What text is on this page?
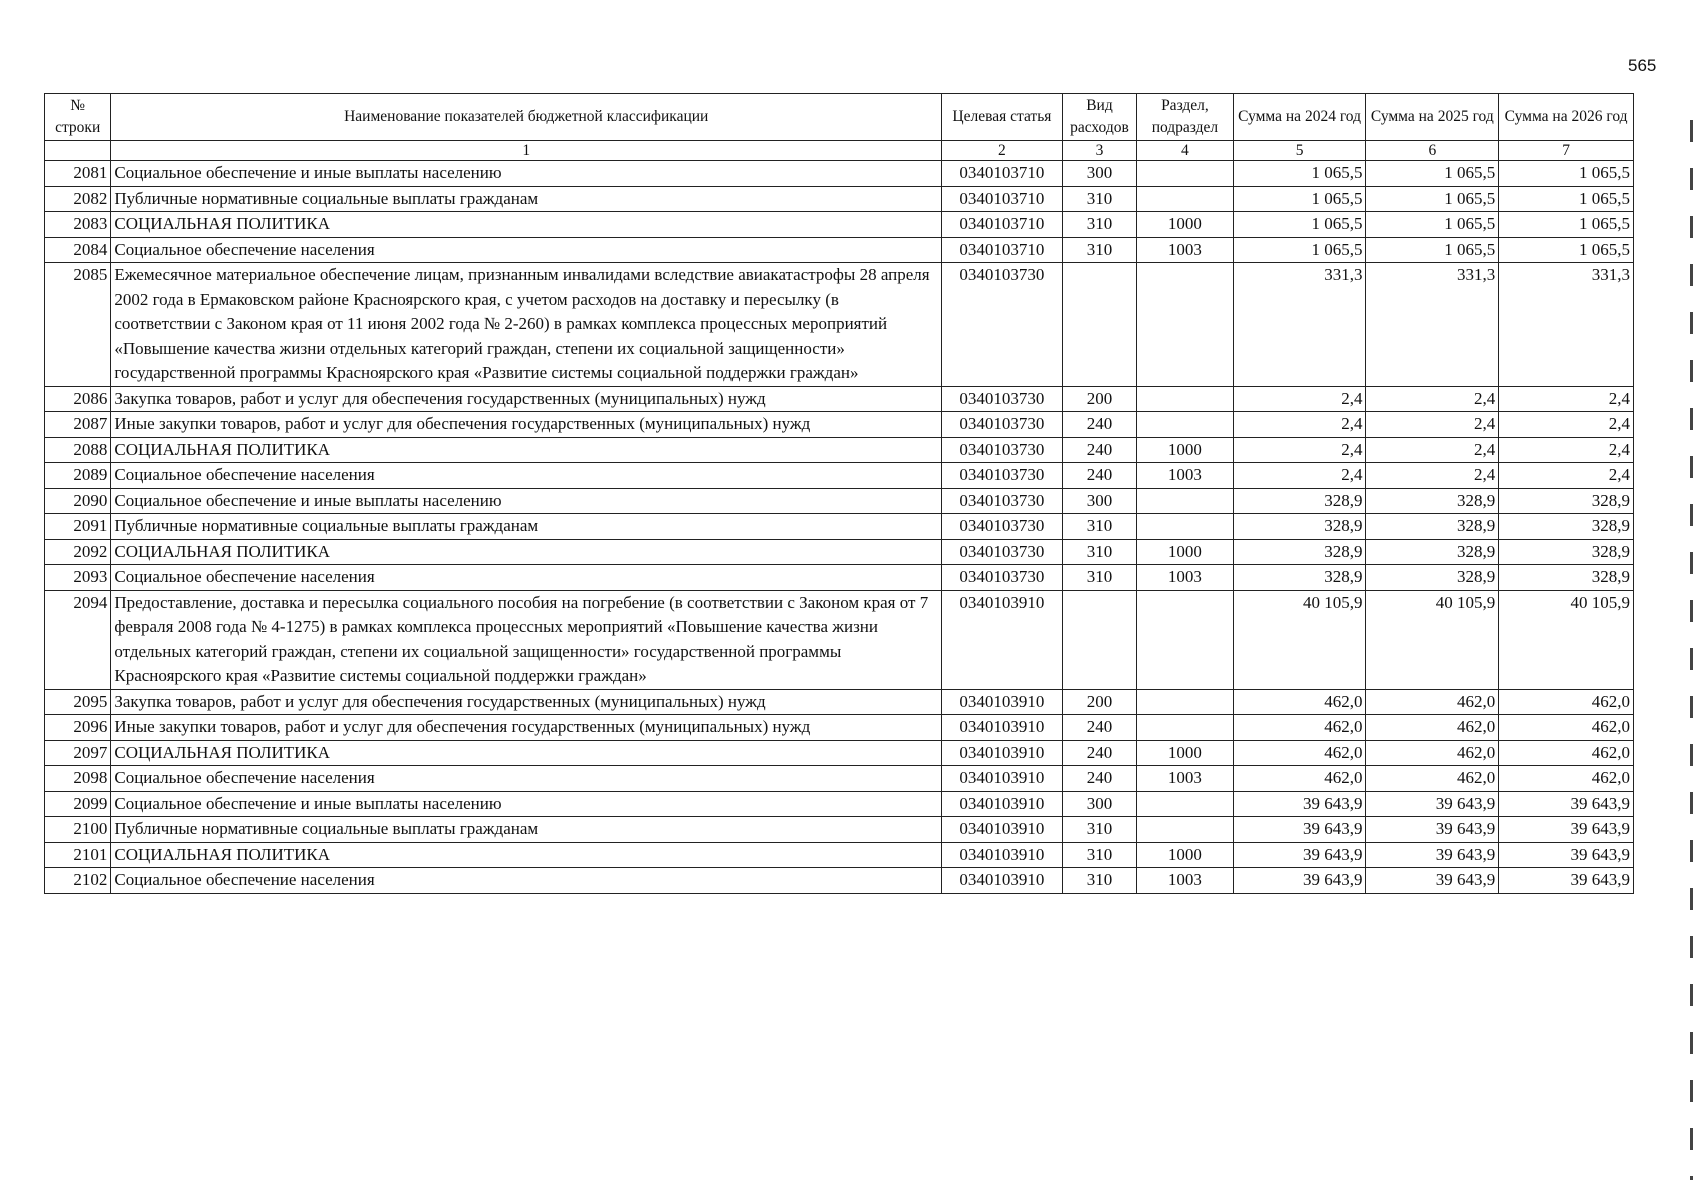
565
№ строки	Наименование показателей бюджетной классификации	Целевая статья	Вид расходов	Раздел, подраздел	Сумма на 2024 год	Сумма на 2025 год	Сумма на 2026 год
	1	2	3	4	5	6	7
2081	Социальное обеспечение и иные выплаты населению	0340103710	300		1 065,5	1 065,5	1 065,5
2082	Публичные нормативные социальные выплаты гражданам	0340103710	310		1 065,5	1 065,5	1 065,5
2083	СОЦИАЛЬНАЯ ПОЛИТИКА	0340103710	310	1000	1 065,5	1 065,5	1 065,5
2084	Социальное обеспечение населения	0340103710	310	1003	1 065,5	1 065,5	1 065,5
2085	Ежемесячное материальное обеспечение лицам, признанным инвалидами вследствие авиакатастрофы 28 апреля 2002 года в Ермаковском районе Красноярского края, с учетом расходов на доставку и пересылку (в соответствии с Законом края от 11 июня 2002 года № 2-260) в рамках комплекса процессных мероприятий «Повышение качества жизни отдельных категорий граждан, степени их социальной защищенности» государственной программы Красноярского края «Развитие системы социальной поддержки граждан»	0340103730			331,3	331,3	331,3
2086	Закупка товаров, работ и услуг для обеспечения государственных (муниципальных) нужд	0340103730	200		2,4	2,4	2,4
2087	Иные закупки товаров, работ и услуг для обеспечения государственных (муниципальных) нужд	0340103730	240		2,4	2,4	2,4
2088	СОЦИАЛЬНАЯ ПОЛИТИКА	0340103730	240	1000	2,4	2,4	2,4
2089	Социальное обеспечение населения	0340103730	240	1003	2,4	2,4	2,4
2090	Социальное обеспечение и иные выплаты населению	0340103730	300		328,9	328,9	328,9
2091	Публичные нормативные социальные выплаты гражданам	0340103730	310		328,9	328,9	328,9
2092	СОЦИАЛЬНАЯ ПОЛИТИКА	0340103730	310	1000	328,9	328,9	328,9
2093	Социальное обеспечение населения	0340103730	310	1003	328,9	328,9	328,9
2094	Предоставление, доставка и пересылка социального пособия на погребение (в соответствии с Законом края от 7 февраля 2008 года № 4-1275) в рамках комплекса процессных мероприятий «Повышение качества жизни отдельных категорий граждан, степени их социальной защищенности» государственной программы Красноярского края «Развитие системы социальной поддержки граждан»	0340103910			40 105,9	40 105,9	40 105,9
2095	Закупка товаров, работ и услуг для обеспечения государственных (муниципальных) нужд	0340103910	200		462,0	462,0	462,0
2096	Иные закупки товаров, работ и услуг для обеспечения государственных (муниципальных) нужд	0340103910	240		462,0	462,0	462,0
2097	СОЦИАЛЬНАЯ ПОЛИТИКА	0340103910	240	1000	462,0	462,0	462,0
2098	Социальное обеспечение населения	0340103910	240	1003	462,0	462,0	462,0
2099	Социальное обеспечение и иные выплаты населению	0340103910	300		39 643,9	39 643,9	39 643,9
2100	Публичные нормативные социальные выплаты гражданам	0340103910	310		39 643,9	39 643,9	39 643,9
2101	СОЦИАЛЬНАЯ ПОЛИТИКА	0340103910	310	1000	39 643,9	39 643,9	39 643,9
2102	Социальное обеспечение населения	0340103910	310	1003	39 643,9	39 643,9	39 643,9
